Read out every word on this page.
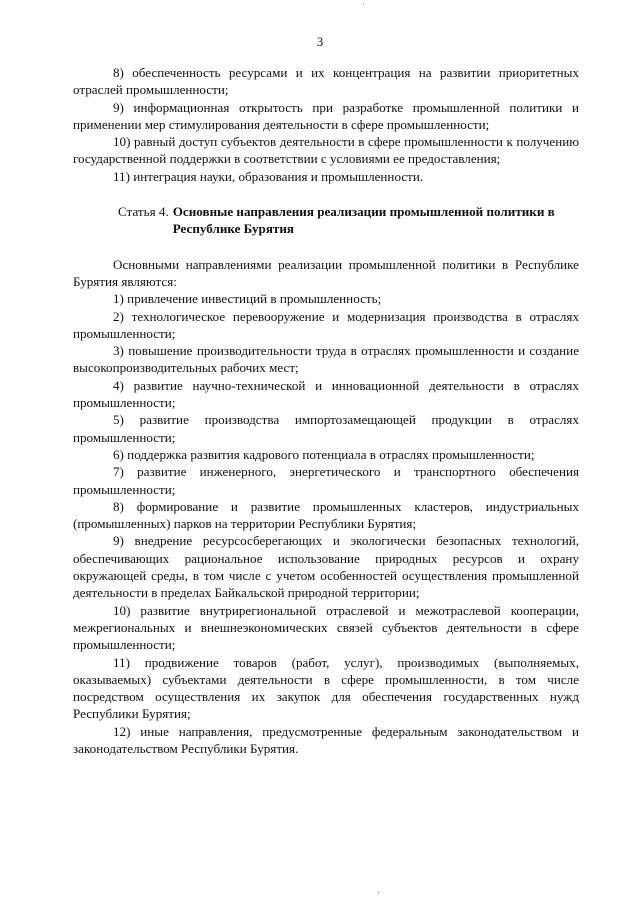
˙
3

8) обеспеченность ресурсами и их концентрация на развитии приоритетных отраслей промышленности;

9) информационная открытость при разработке промышленной политики и применении мер стимулирования деятельности в сфере промышленности;

10) равный доступ субъектов деятельности в сфере промышленности к получению государственной поддержки в соответствии с условиями ее предоставления;

11) интеграция науки, образования и промышленности.

Статья 4. Основные направления реализации промышленной политики в Республике Бурятия

Основными направлениями реализации промышленной политики в Республике Бурятия являются:

1) привлечение инвестиций в промышленность;

2) технологическое перевооружение и модернизация производства в отраслях промышленности;

3) повышение производительности труда в отраслях промышленности и создание высокопроизводительных рабочих мест;

4) развитие научно-технической и инновационной деятельности в отраслях промышленности;

5) развитие производства импортозамещающей продукции в отраслях промышленности;

6) поддержка развития кадрового потенциала в отраслях промышленности;

7) развитие инженерного, энергетического и транспортного обеспечения промышленности;

8) формирование и развитие промышленных кластеров, индустриальных (промышленных) парков на территории Республики Бурятия;

9) внедрение ресурсосберегающих и экологически безопасных технологий, обеспечивающих рациональное использование природных ресурсов и охрану окружающей среды, в том числе с учетом особенностей осуществления промышленной деятельности в пределах Байкальской природной территории;

10) развитие внутрирегиональной отраслевой и межотраслевой кооперации, межрегиональных и внешнеэкономических связей субъектов деятельности в сфере промышленности;

11) продвижение товаров (работ, услуг), производимых (выполняемых, оказываемых) субъектами деятельности в сфере промышленности, в том числе посредством осуществления их закупок для обеспечения государственных нужд Республики Бурятия;

12) иные направления, предусмотренные федеральным законодательством и законодательством Республики Бурятия.

'
